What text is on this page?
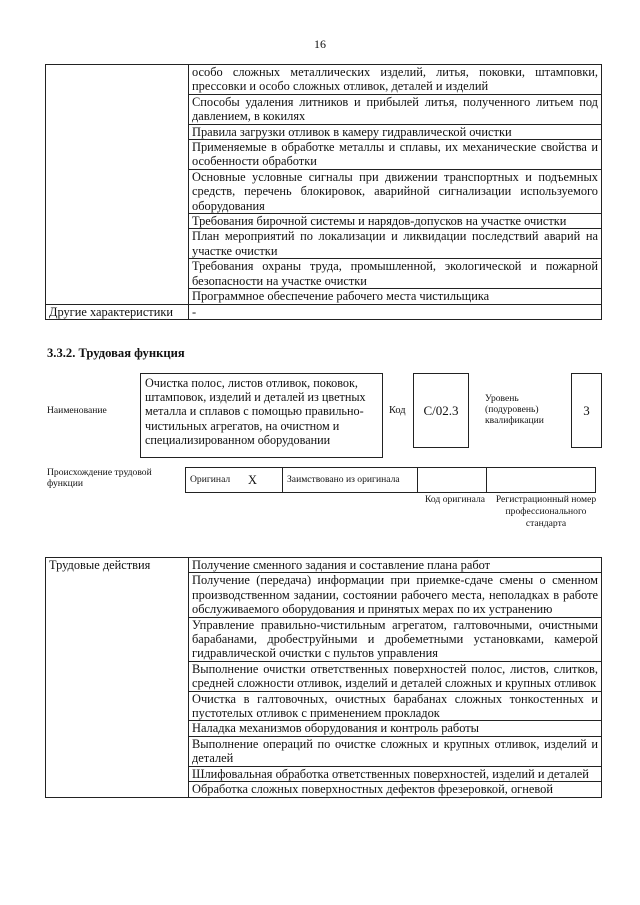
16
	особо сложных металлических изделий, литья, поковки, штамповки, прессовки и особо сложных отливок, деталей и изделий
	Способы удаления литников и прибылей литья, полученного литьем под давлением, в кокилях
	Правила загрузки отливок в камеру гидравлической очистки
	Применяемые в обработке металлы и сплавы, их механические свойства и особенности обработки
	Основные условные сигналы при движении транспортных и подъемных средств, перечень блокировок, аварийной сигнализации используемого оборудования
	Требования бирочной системы и нарядов-допусков на участке очистки
	План мероприятий по локализации и ликвидации последствий аварий на участке очистки
	Требования охраны труда, промышленной, экологической и пожарной безопасности на участке очистки
	Программное обеспечение рабочего места чистильщика
Другие характеристики	-
3.3.2. Трудовая функция
Наименование
Очистка полос, листов отливок, поковок, штамповок, изделий и деталей из цветных металла и сплавов с помощью правильно-чистильных агрегатов, на очистном и специализированном оборудовании
Код	C/02.3
Уровень (подуровень) квалификации
3
Происхождение трудовой функции	Оригинал	X	Заимствовано из оригинала		
Код оригинала	Регистрационный номер профессионального стандарта
Трудовые действия	Получение сменного задания и составление плана работ
Получение (передача) информации при приемке-сдаче смены о сменном производственном задании, состоянии рабочего места, неполадках в работе обслуживаемого оборудования и принятых мерах по их устранению
Управление правильно-чистильным агрегатом, галтовочными, очистными барабанами, дробеструйными и дробеметными установками, камерой гидравлической очистки с пультов управления
Выполнение очистки ответственных поверхностей полос, листов, слитков, средней сложности отливок, изделий и деталей сложных и крупных отливок
Очистка в галтовочных, очистных барабанах сложных тонкостенных и пустотелых отливок с применением прокладок
Наладка механизмов оборудования и контроль работы
Выполнение операций по очистке сложных и крупных отливок, изделий и деталей
Шлифовальная обработка ответственных поверхностей, изделий и деталей
Обработка сложных поверхностных дефектов фрезеровкой, огневой
